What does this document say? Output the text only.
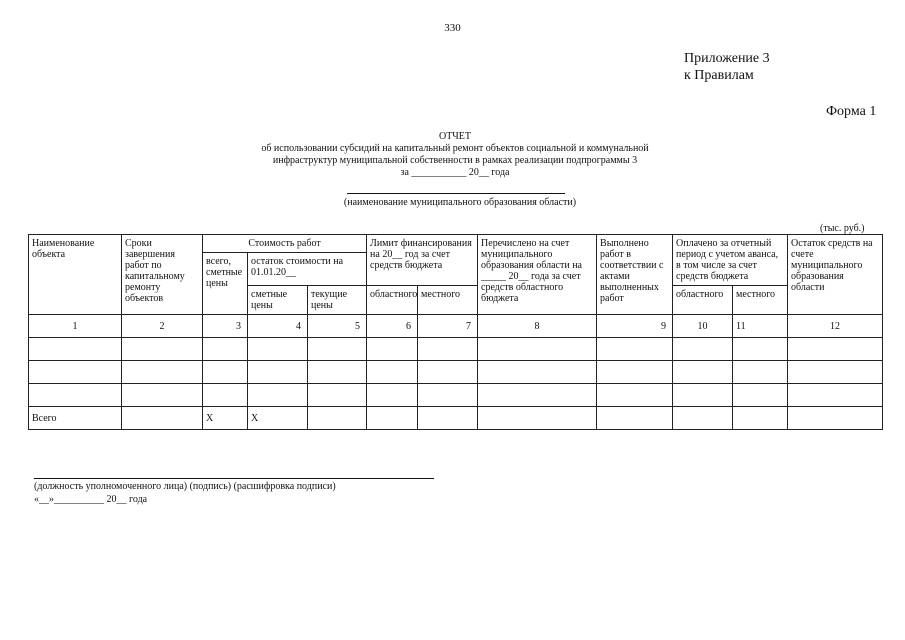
330
Приложение 3
к Правилам
Форма 1
ОТЧЕТ
об использовании субсидий на капитальный ремонт объектов социальной и коммунальной
инфраструктур муниципальной собственности в рамках реализации подпрограммы 3
за ___________ 20__ года
(наименование муниципального образования области)
(тыс. руб.)
Наименование объекта	Сроки завершения работ по капитальному ремонту объектов	Стоимость работ			Лимит финансирования на 20__ год за счет средств бюджета		Перечислено на счет муниципального образования области на _____ 20__ года за счет средств областного бюджета	Выполнено работ в соответствии с актами выполненных работ	Оплачено за отчетный период с учетом аванса, в том числе за счет средств бюджета		Остаток средств на счете муниципального образования области
		всего, сметные цены	остаток стоимости на 01.01.20__								
			сметные цены	текущие цены	областного	местного			областного	местного	
1	2	3	4	5	6	7	8	9	10	11	12

Всего		X	X								
(должность уполномоченного лица) (подпись) (расшифровка подписи)
«__»__________ 20__ года
